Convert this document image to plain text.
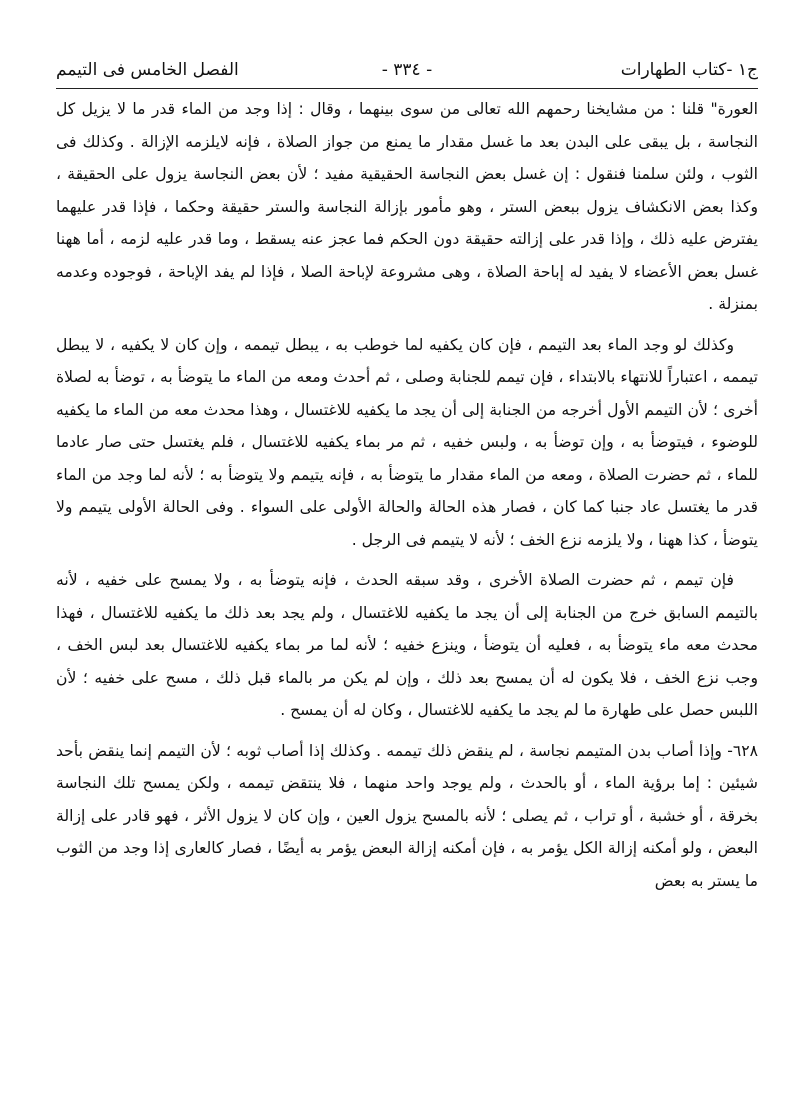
ج١ -كتاب الطهارات
- ٣٣٤ -
الفصل الخامس فى التيمم

العورة" قلنا : من مشايخنا رحمهم الله تعالى من سوى بينهما ، وقال : إذا وجد من الماء قدر ما لا يزيل كل النجاسة ، بل يبقى على البدن بعد ما غسل مقدار ما يمنع من جواز الصلاة ، فإنه لايلزمه الإزالة . وكذلك فى الثوب ، ولئن سلمنا فنقول : إن غسل بعض النجاسة الحقيقية مفيد ؛ لأن بعض النجاسة يزول على الحقيقة ، وكذا بعض الانكشاف يزول ببعض الستر ، وهو مأمور بإزالة النجاسة والستر حقيقة وحكما ، فإذا قدر عليهما يفترض عليه ذلك ، وإذا قدر على إزالته حقيقة دون الحكم فما عجز عنه يسقط ، وما قدر عليه لزمه ، أما ههنا غسل بعض الأعضاء لا يفيد له إباحة الصلاة ، وهى مشروعة لإباحة الصلا ، فإذا لم يفد الإباحة ، فوجوده وعدمه بمنزلة .

وكذلك لو وجد الماء بعد التيمم ، فإن كان يكفيه لما خوطب به ، يبطل تيممه ، وإن كان لا يكفيه ، لا يبطل تيممه ، اعتباراً للانتهاء بالابتداء ، فإن تيمم للجنابة وصلى ، ثم أحدث ومعه من الماء ما يتوضأ به ، توضأ به لصلاة أخرى ؛ لأن التيمم الأول أخرجه من الجنابة إلى أن يجد ما يكفيه للاغتسال ، وهذا محدث معه من الماء ما يكفيه للوضوء ، فيتوضأ به ، وإن توضأ به ، ولبس خفيه ، ثم مر بماء يكفيه للاغتسال ، فلم يغتسل حتى صار عادما للماء ، ثم حضرت الصلاة ، ومعه من الماء مقدار ما يتوضأ به ، فإنه يتيمم ولا يتوضأ به ؛ لأنه لما وجد من الماء قدر ما يغتسل عاد جنبا كما كان ، فصار هذه الحالة والحالة الأولى على السواء . وفى الحالة الأولى يتيمم ولا يتوضأ ، كذا ههنا ، ولا يلزمه نزع الخف ؛ لأنه لا يتيمم فى الرجل .

فإن تيمم ، ثم حضرت الصلاة الأخرى ، وقد سبقه الحدث ، فإنه يتوضأ به ، ولا يمسح على خفيه ، لأنه بالتيمم السابق خرج من الجنابة إلى أن يجد ما يكفيه للاغتسال ، ولم يجد بعد ذلك ما يكفيه للاغتسال ، فهذا محدث معه ماء يتوضأ به ، فعليه أن يتوضأ ، وينزع خفيه ؛ لأنه لما مر بماء يكفيه للاغتسال بعد لبس الخف ، وجب نزع الخف ، فلا يكون له أن يمسح بعد ذلك ، وإن لم يكن مر بالماء قبل ذلك ، مسح على خفيه ؛ لأن اللبس حصل على طهارة ما لم يجد ما يكفيه للاغتسال ، وكان له أن يمسح .

٦٢٨- وإذا أصاب بدن المتيمم نجاسة ، لم ينقض ذلك تيممه . وكذلك إذا أصاب ثوبه ؛ لأن التيمم إنما ينقض بأحد شيئين : إما برؤية الماء ، أو بالحدث ، ولم يوجد واحد منهما ، فلا ينتقض تيممه ، ولكن يمسح تلك النجاسة بخرقة ، أو خشبة ، أو تراب ، ثم يصلى ؛ لأنه بالمسح يزول العين ، وإن كان لا يزول الأثر ، فهو قادر على إزالة البعض ، ولو أمكنه إزالة الكل يؤمر به ، فإن أمكنه إزالة البعض يؤمر به أيضًا ، فصار كالعارى إذا وجد من الثوب ما يستر به بعض
